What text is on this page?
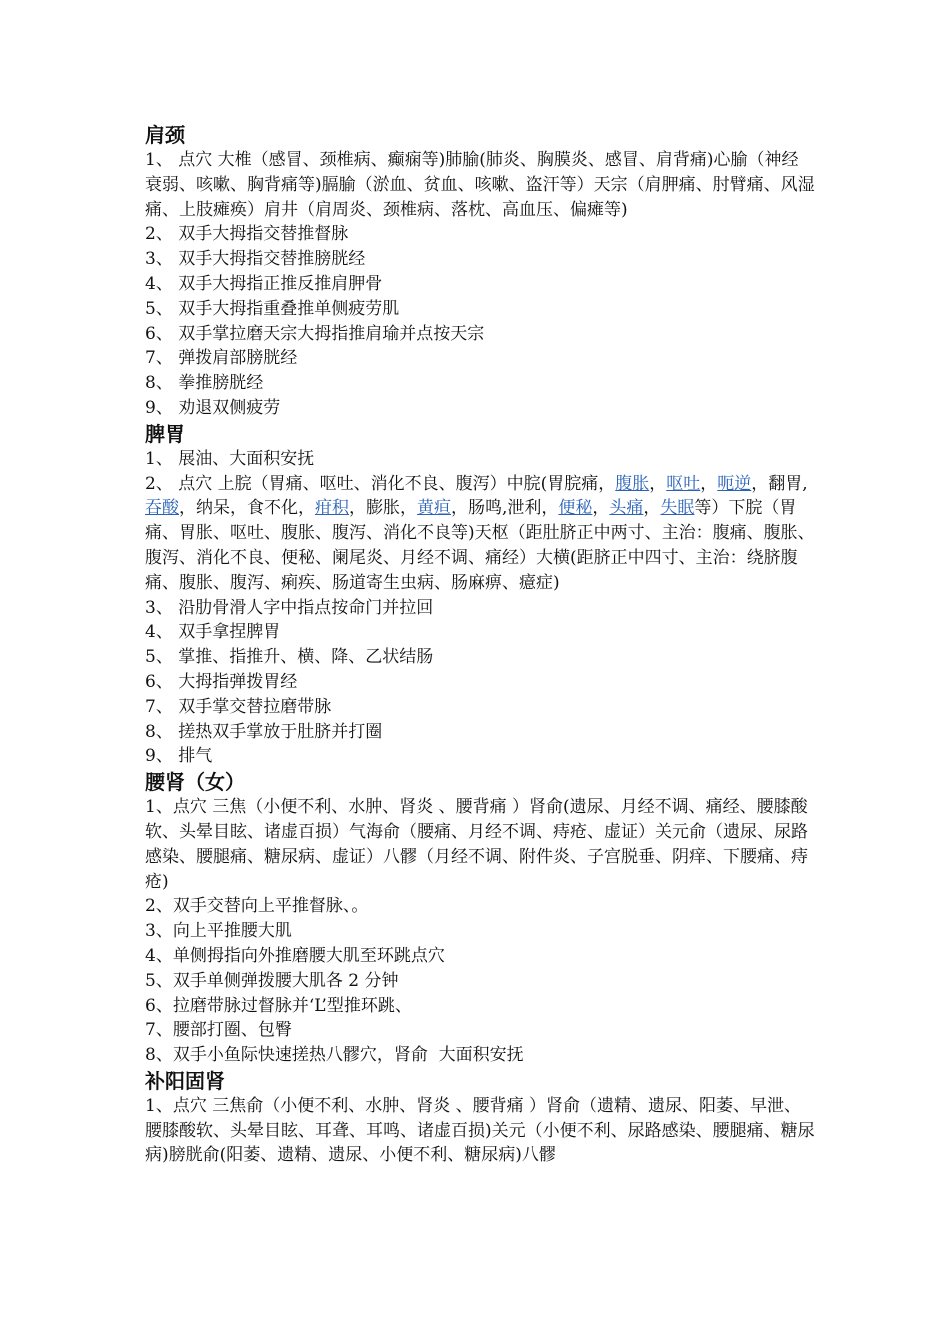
肩颈

1、 点穴 大椎（感冒、颈椎病、癫痫等)肺腧(肺炎、胸膜炎、感冒、肩背痛)心腧（神经衰弱、咳嗽、胸背痛等)膈腧（淤血、贫血、咳嗽、盗汗等）天宗（肩胛痛、肘臂痛、风湿痛、上肢瘫痪）肩井（肩周炎、颈椎病、落枕、高血压、偏瘫等)

2、 双手大拇指交替推督脉

3、 双手大拇指交替推膀胱经

4、 双手大拇指正推反推肩胛骨

5、 双手大拇指重叠推单侧疲劳肌

6、 双手掌拉磨天宗大拇指推肩瑜并点按天宗

7、 弹拨肩部膀胱经

8、 拳推膀胱经

9、 劝退双侧疲劳

脾胃

1、 展油、大面积安抚

2、 点穴 上脘（胃痛、呕吐、消化不良、腹泻）中脘(胃脘痛，腹胀，呕吐，呃逆，翻胃,吞酸，纳呆，食不化，疳积，膨胀，黄疸，肠鸣,泄利，便秘，头痛，失眠等）下脘（胃痛、胃胀、呕吐、腹胀、腹泻、消化不良等)天枢（距肚脐正中两寸、主治：腹痛、腹胀、腹泻、消化不良、便秘、阑尾炎、月经不调、痛经）大横(距脐正中四寸、主治：绕脐腹痛、腹胀、腹泻、痢疾、肠道寄生虫病、肠麻痹、癔症)

3、 沿肋骨滑人字中指点按命门并拉回

4、 双手拿捏脾胃

5、 掌推、指推升、横、降、乙状结肠

6、 大拇指弹拨胃经

7、 双手掌交替拉磨带脉

8、 搓热双手掌放于肚脐并打圈

9、 排气

腰肾（女）

1、点穴 三焦（小便不利、水肿、肾炎 、腰背痛 ）肾俞(遗尿、月经不调、痛经、腰膝酸软、头晕目眩、诸虚百损）气海俞（腰痛、月经不调、痔疮、虚证）关元俞（遗尿、尿路感染、腰腿痛、糖尿病、虚证）八髎（月经不调、附件炎、子宫脱垂、阴痒、下腰痛、痔疮)

2、双手交替向上平推督脉、。

3、向上平推腰大肌

4、单侧拇指向外推磨腰大肌至环跳点穴

5、双手单侧弹拨腰大肌各 2 分钟

6、拉磨带脉过督脉并‘L’型推环跳、

7、腰部打圈、包臀

8、双手小鱼际快速搓热八髎穴，肾俞  大面积安抚

补阳固肾

1、点穴 三焦俞（小便不利、水肿、肾炎 、腰背痛 ）肾俞（遗精、遗尿、阳萎、早泄、腰膝酸软、头晕目眩、耳聋、耳鸣、诸虚百损)关元（小便不利、尿路感染、腰腿痛、糖尿病)膀胱俞(阳萎、遗精、遗尿、小便不利、糖尿病)八髎
